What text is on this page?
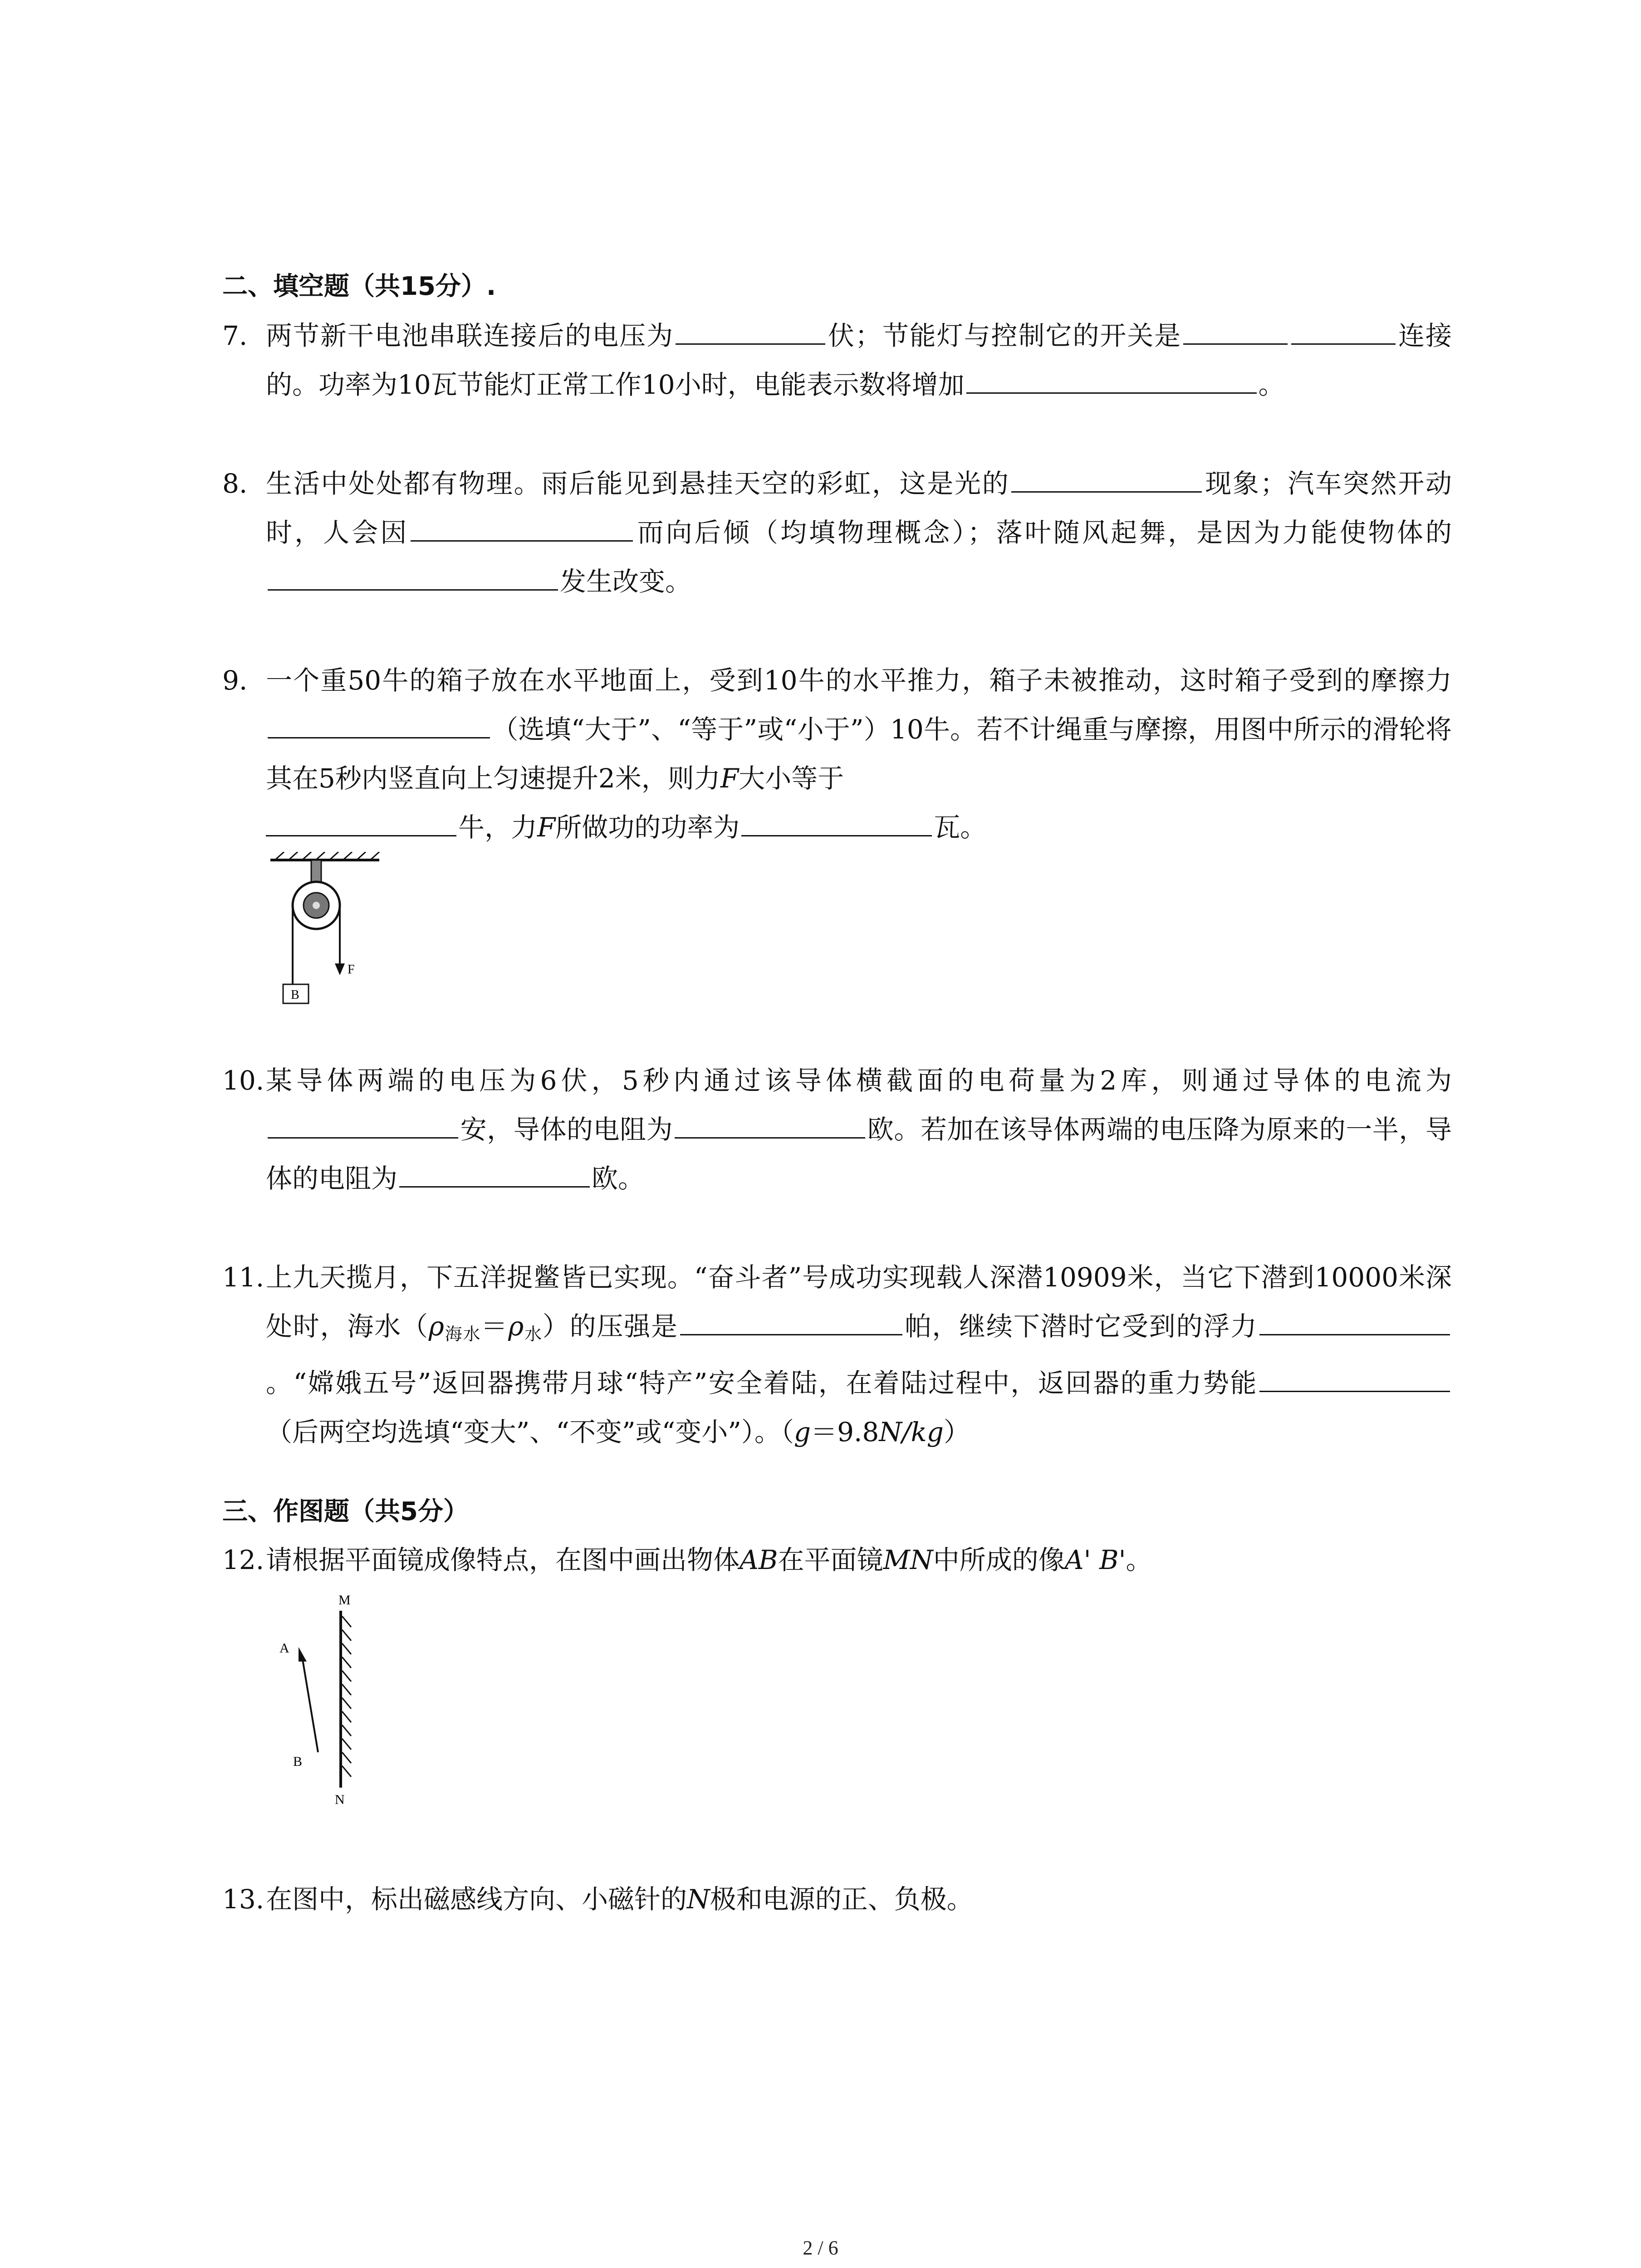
二、填空题（共15分）.

7. 两节新干电池串联连接后的电压为	伏；节能灯与控制它的开关是	连接的。功率为10瓦节能灯正常工作10小时，电能表示数将增加	。
8. 生活中处处都有物理。雨后能见到悬挂天空的彩虹，这是光的	现象；汽车突然开动时，人会因	而向后倾（均填物理概念）；落叶随风起舞，是因为力能使物体的发生改变。
9. 一个重50牛的箱子放在水平地面上，受到10牛的水平推力，箱子未被推动，这时箱子受到的摩擦力（选填“大于”、“等于”或“小于”）10牛。若不计绳重与摩擦，用图中所示的滑轮将其在5秒内竖直向上匀速提升2米，则力F大小等于
牛，力F所做功的功率为	瓦。
F
B
10. 某导体两端的电压为6伏，5秒内通过该导体横截面的电荷量为2库，则通过导体的电流为安，导体的电阻为	欧。若加在该导体两端的电压降为原来的一半，导体的电阻为	欧。
11. 上九天揽月，下五洋捉鳖皆已实现。“奋斗者”号成功实现载人深潜10909米，当它下潜到10000米深处时，海水$(\rho_{海水}=\rho_水)$的压强是	帕，继续下潜时它受到的浮力。“嫦娥五号”返回器携带月球“特产”安全着陆，在着陆过程中，返回器的重力势能（后两空均选填“变大”、“不变”或“变小”）。（g＝9.8N/kg）

三、作图题（共5分）

12. 请根据平面镜成像特点，在图中画出物体AB在平面镜MN中所成的像A' B'。
M
N
A
B
13. 在图中，标出磁感线方向、小磁针的N极和电源的正、负极。
2 / 6
